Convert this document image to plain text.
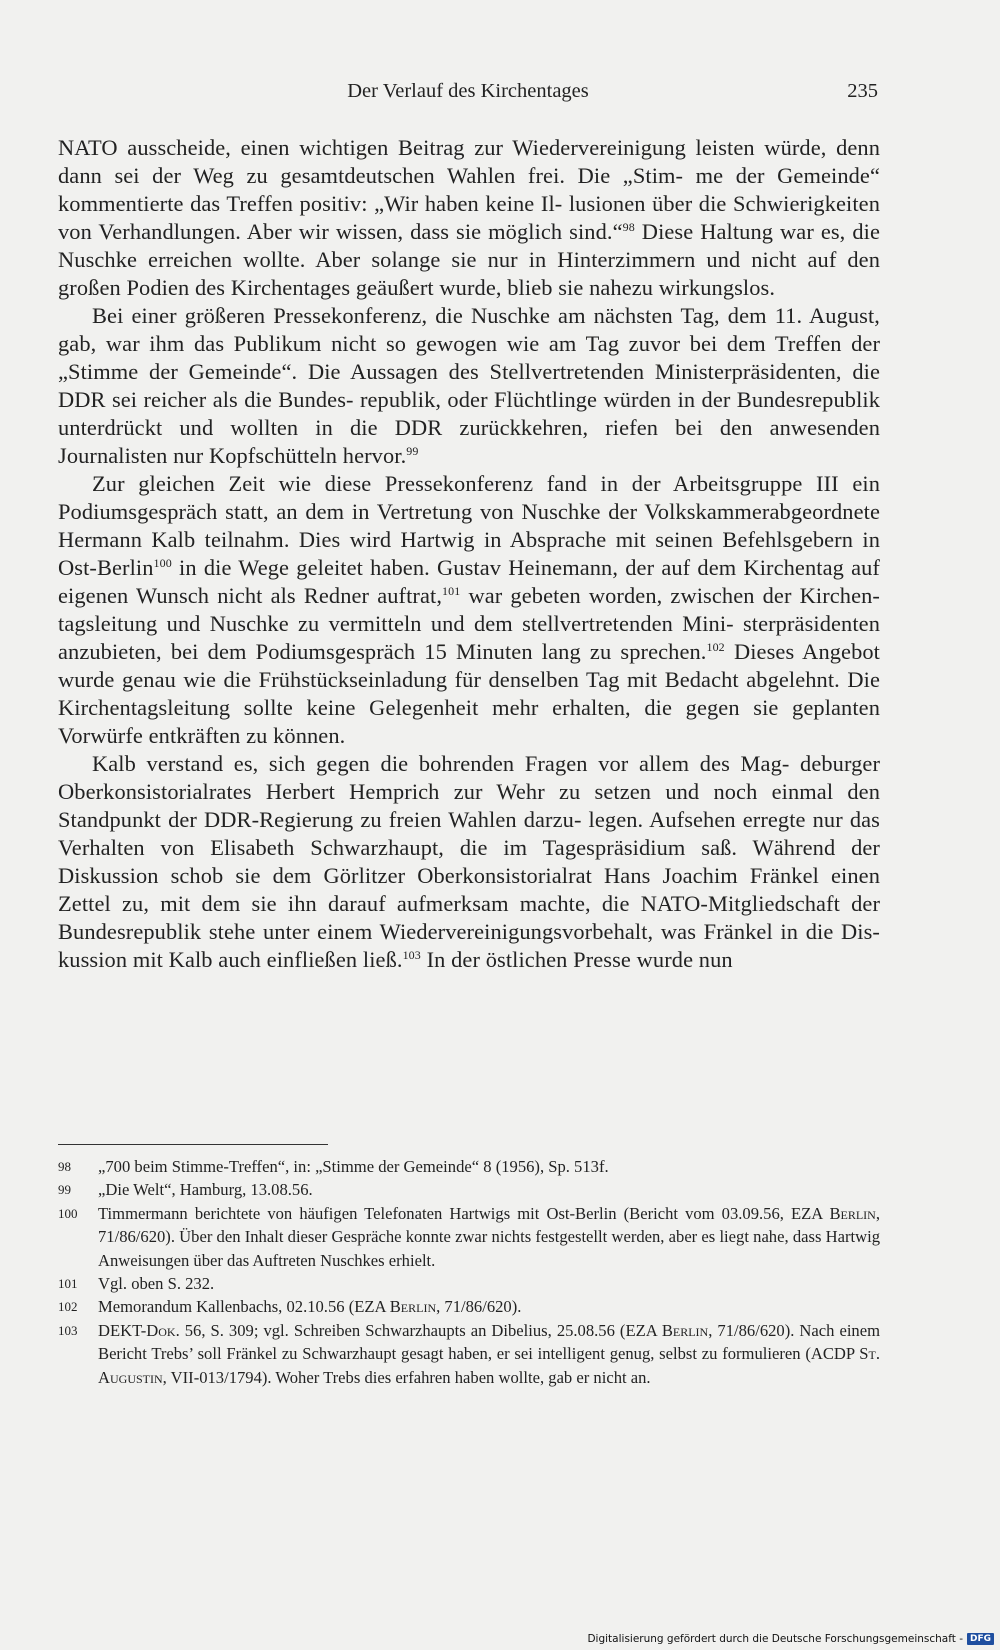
Der Verlauf des Kirchentages	235

NATO ausscheide, einen wichtigen Beitrag zur Wiedervereinigung leisten würde, denn dann sei der Weg zu gesamtdeutschen Wahlen frei. Die „Stim- me der Gemeinde“ kommentierte das Treffen positiv: „Wir haben keine Il- lusionen über die Schwierigkeiten von Verhandlungen. Aber wir wissen, dass sie möglich sind.“$^{98}$ Diese Haltung war es, die Nuschke erreichen wollte. Aber solange sie nur in Hinterzimmern und nicht auf den großen Podien des Kirchentages geäußert wurde, blieb sie nahezu wirkungslos.

Bei einer größeren Pressekonferenz, die Nuschke am nächsten Tag, dem 11. August, gab, war ihm das Publikum nicht so gewogen wie am Tag zuvor bei dem Treffen der „Stimme der Gemeinde“. Die Aussagen des Stellvertretenden Ministerpräsidenten, die DDR sei reicher als die Bundes- republik, oder Flüchtlinge würden in der Bundesrepublik unterdrückt und wollten in die DDR zurückkehren, riefen bei den anwesenden Journalisten nur Kopfschütteln hervor.$^{99}$

Zur gleichen Zeit wie diese Pressekonferenz fand in der Arbeitsgruppe III ein Podiumsgespräch statt, an dem in Vertretung von Nuschke der Volkskammerabgeordnete Hermann Kalb teilnahm. Dies wird Hartwig in Absprache mit seinen Befehlsgebern in Ost-Berlin$^{100}$ in die Wege geleitet haben. Gustav Heinemann, der auf dem Kirchentag auf eigenen Wunsch nicht als Redner auftrat,$^{101}$ war gebeten worden, zwischen der Kirchen- tagsleitung und Nuschke zu vermitteln und dem stellvertretenden Mini- sterpräsidenten anzubieten, bei dem Podiumsgespräch 15 Minuten lang zu sprechen.$^{102}$ Dieses Angebot wurde genau wie die Frühstückseinladung für denselben Tag mit Bedacht abgelehnt. Die Kirchentagsleitung sollte keine Gelegenheit mehr erhalten, die gegen sie geplanten Vorwürfe entkräften zu können.

Kalb verstand es, sich gegen die bohrenden Fragen vor allem des Mag- deburger Oberkonsistorialrates Herbert Hemprich zur Wehr zu setzen und noch einmal den Standpunkt der DDR-Regierung zu freien Wahlen darzu- legen. Aufsehen erregte nur das Verhalten von Elisabeth Schwarzhaupt, die im Tagespräsidium saß. Während der Diskussion schob sie dem Görlitzer Oberkonsistorialrat Hans Joachim Fränkel einen Zettel zu, mit dem sie ihn darauf aufmerksam machte, die NATO-Mitgliedschaft der Bundesrepublik stehe unter einem Wiedervereinigungsvorbehalt, was Fränkel in die Dis- kussion mit Kalb auch einfließen ließ.$^{103}$ In der östlichen Presse wurde nun

98	„700 beim Stimme-Treffen“, in: „Stimme der Gemeinde“ 8 (1956), Sp. 513f.
99	„Die Welt“, Hamburg, 13.08.56.
100	Timmermann berichtete von häufigen Telefonaten Hartwigs mit Ost-Berlin (Bericht vom 03.09.56, EZA Berlin, 71/86/620). Über den Inhalt dieser Gespräche konnte zwar nichts festgestellt werden, aber es liegt nahe, dass Hartwig Anweisungen über das Auftreten Nuschkes erhielt.
101	Vgl. oben S. 232.
102	Memorandum Kallenbachs, 02.10.56 (EZA Berlin, 71/86/620).
103	DEKT-Dok. 56, S. 309; vgl. Schreiben Schwarzhaupts an Dibelius, 25.08.56 (EZA Berlin, 71/86/620). Nach einem Bericht Trebs’ soll Fränkel zu Schwarzhaupt gesagt haben, er sei intelligent genug, selbst zu formulieren (ACDP St. Augustin, VII-013/1794). Woher Trebs dies erfahren haben wollte, gab er nicht an.
Digitalisierung gefördert durch die Deutsche Forschungsgemeinschaft - DFG
